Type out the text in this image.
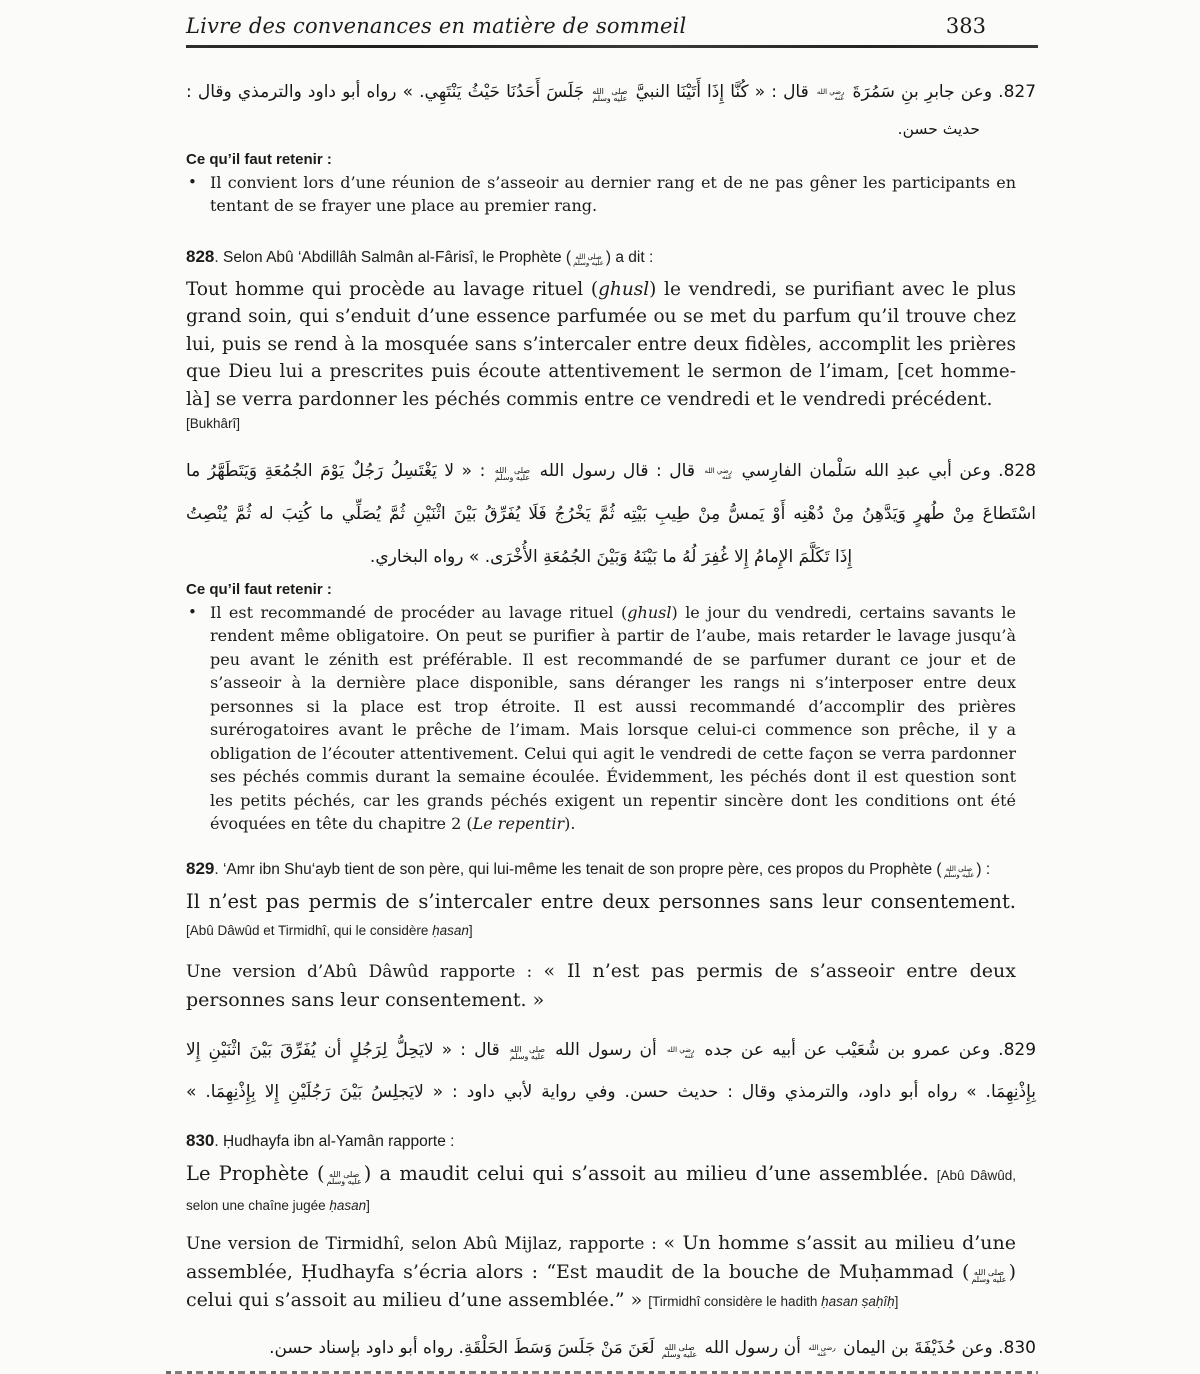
Livre des convenances en matière de sommeil	383
827. وعن جابرِ بنِ سَمُرَةَ
رضي الله
عنه
قال : « كُنَّا إِذَا أَتَيْنَا النبيَّ
صلى الله
عليه وسلم
جَلَسَ أَحَدُنَا حَيْثُ يَنْتَهِي. » رواه أبو داود والترمذي وقال :
حديث حسن.
Ce qu’il faut retenir :
• Il convient lors d’une réunion de s’asseoir au dernier rang et de ne pas gêner les participants en tentant de se frayer une place au premier rang.
828. Selon Abû ‘Abdillâh Salmân al-Fârisî, le Prophète ( صلى الله
عليه وسلم ) a dit :
Tout homme qui procède au lavage rituel (ghusl) le vendredi, se purifiant avec le plus grand soin, qui s’enduit d’une essence parfumée ou se met du parfum qu’il trouve chez lui, puis se rend à la mosquée sans s’intercaler entre deux fidèles, accomplit les prières que Dieu lui a prescrites puis écoute attentivement le sermon de l’imam, [cet homme-là] se verra pardonner les péchés commis entre ce vendredi et le vendredi précédent.
[Bukhârî]
828. وعن أبي عبدِ الله سَلْمان الفارِسي
رضي الله
عنه
قال : قال رسول الله
صلى الله
عليه وسلم
: « لا يَغْتَسِلُ رَجُلٌ يَوْمَ الجُمُعَةِ وَيَتَطَهَّرُ ما
اسْتَطاعَ مِنْ طُهرٍ وَيَدَّهِنُ مِنْ دُهْنِه أَوْ يَمسُّ مِنْ طِيبِ بَيْتِه ثُمَّ يَخْرُجُ فَلَا يُفَرِّقُ بَيْنَ اثْنَيْنِ ثُمَّ يُصَلِّي ما كُتِبَ له ثُمَّ يُنْصِتُ
إِذَا تَكَلَّمَ الإِمامُ إِلا غُفِرَ لُهُ ما بَيْنَهُ وَبَيْنَ الجُمُعَةِ الأُخْرَى. » رواه البخاري.
Ce qu’il faut retenir :
• Il est recommandé de procéder au lavage rituel (ghusl) le jour du vendredi, certains savants le rendent même obligatoire. On peut se purifier à partir de l’aube, mais retarder le lavage jusqu’à peu avant le zénith est préférable. Il est recommandé de se parfumer durant ce jour et de s’asseoir à la dernière place disponible, sans déranger les rangs ni s’interposer entre deux personnes si la place est trop étroite. Il est aussi recommandé d’accomplir des prières surérogatoires avant le prêche de l’imam. Mais lorsque celui-ci commence son prêche, il y a obligation de l’écouter attentivement. Celui qui agit le vendredi de cette façon se verra pardonner ses péchés commis durant la semaine écoulée. Évidemment, les péchés dont il est question sont les petits péchés, car les grands péchés exigent un repentir sincère dont les conditions ont été évoquées en tête du chapitre 2 (Le repentir).
829. ‘Amr ibn Shu‘ayb tient de son père, qui lui-même les tenait de son propre père, ces propos du Prophète ( صلى الله
عليه وسلم ) :
Il n’est pas permis de s’intercaler entre deux personnes sans leur consentement. [Abû Dâwûd et Tirmidhî, qui le considère ḥasan]
Une version d’Abû Dâwûd rapporte : « Il n’est pas permis de s’asseoir entre deux personnes sans leur consentement. »
829. وعن عمرو بن شُعَيْب عن أبيه عن جده
رضي الله
عنه
أن رسول الله
صلى الله
عليه وسلم
قال : « لايَحِلُّ لِرَجُلٍ أن يُفَرِّقَ بَيْنَ اثْنَيْنِ إِلا
بِإِذْنِهِمَا. » رواه أبو داود، والترمذي وقال : حديث حسن. وفي رواية لأبي داود : « لايَجلِسُ بَيْنَ رَجُلَيْنِ إِلا بِإِذْنِهِمَا. »
830. Ḥudhayfa ibn al-Yamân rapporte :
Le Prophète ( صلى الله
عليه وسلم ) a maudit celui qui s’assoit au milieu d’une assemblée. [Abû Dâwûd, selon une chaîne jugée ḥasan]
Une version de Tirmidhî, selon Abû Mijlaz, rapporte : « Un homme s’assit au milieu d’une assemblée, Ḥudhayfa s’écria alors : “Est maudit de la bouche de Muḥammad ( صلى الله
عليه وسلم ) celui qui s’assoit au milieu d’une assemblée.” » [Tirmidhî considère le hadith ḥasan ṣaḥîḥ]
830. وعن حُذَيْفَةَ بن اليمان
رضي الله
عنه
أن رسول الله
صلى الله
عليه وسلم
لَعَنَ مَنْ جَلَسَ وَسَطَ الحَلْقَةِ. رواه أبو داود بإسناد حسن.
